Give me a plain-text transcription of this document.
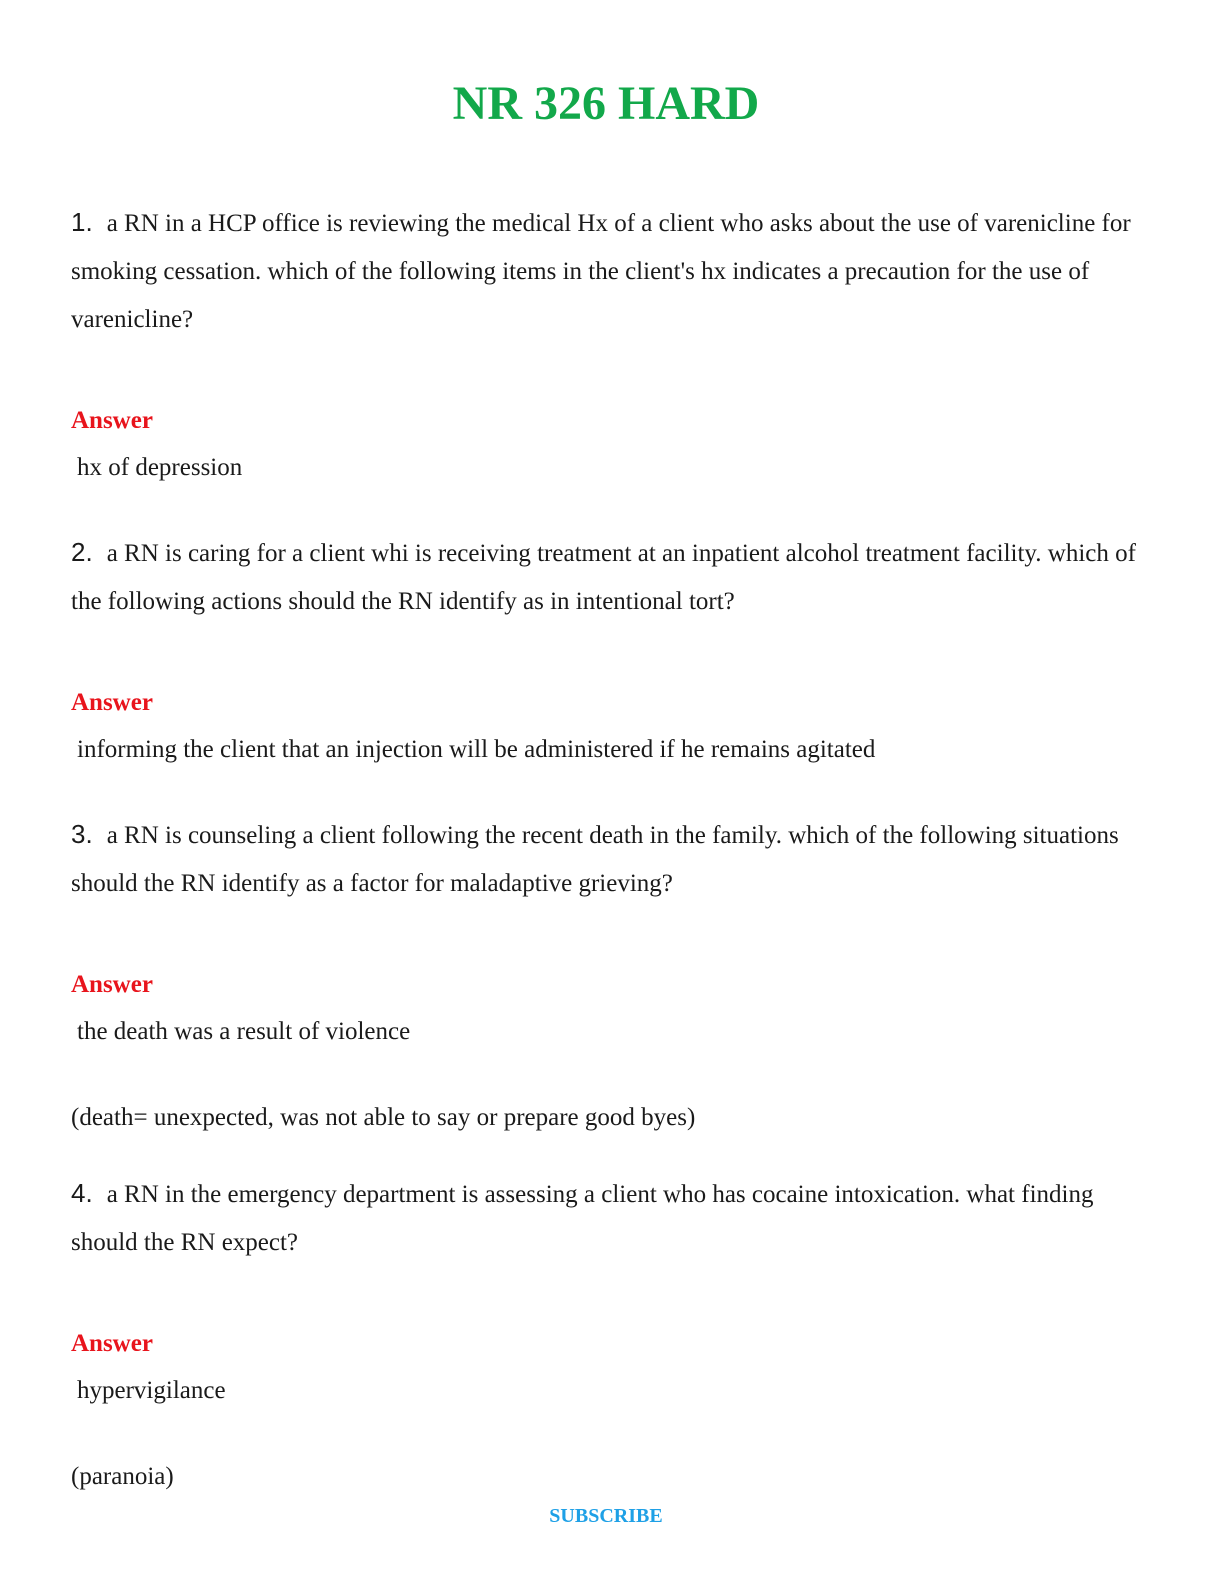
NR 326 HARD

1. a RN in a HCP office is reviewing the medical Hx of a client who asks about the use of varenicline for smoking cessation. which of the following items in the client's hx indicates a precaution for the use of varenicline?

Answer

hx of depression

2. a RN is caring for a client whi is receiving treatment at an inpatient alcohol treatment facility. which of the following actions should the RN identify as in intentional tort?

Answer

informing the client that an injection will be administered if he remains agitated

3. a RN is counseling a client following the recent death in the family. which of the following situations should the RN identify as a factor for maladaptive grieving?

Answer

the death was a result of violence

(death= unexpected, was not able to say or prepare good byes)

4. a RN in the emergency department is assessing a client who has cocaine intoxication. what finding should the RN expect?

Answer

hypervigilance

(paranoia)

SUBSCRIBE
